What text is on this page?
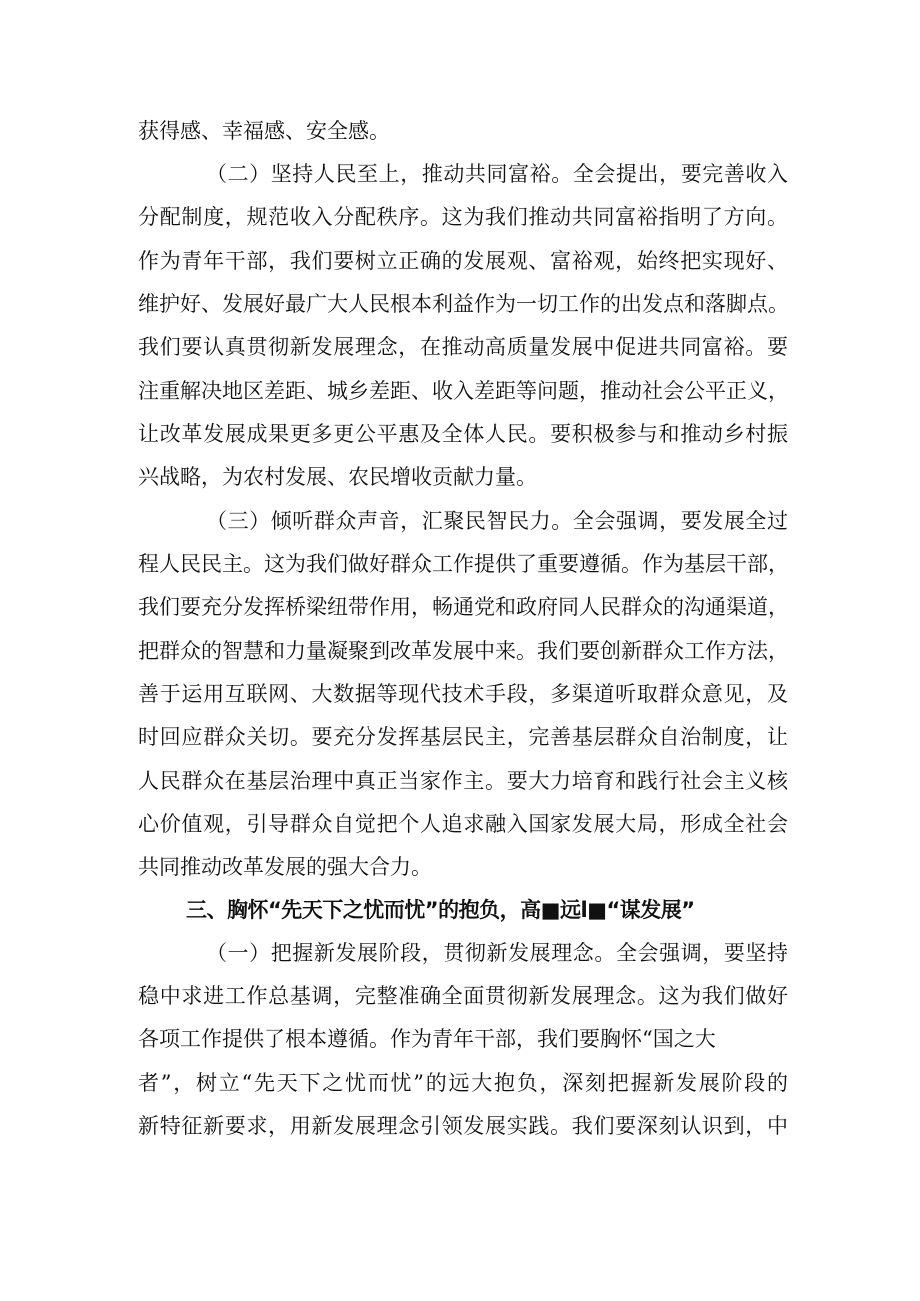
获得感、幸福感、安全感。
（二）坚持人民至上，推动共同富裕。全会提出，要完善收入
分配制度，规范收入分配秩序。这为我们推动共同富裕指明了方向。
作为青年干部，我们要树立正确的发展观、富裕观，始终把实现好、
维护好、发展好最广大人民根本利益作为一切工作的出发点和落脚点。
我们要认真贯彻新发展理念，在推动高质量发展中促进共同富裕。要
注重解决地区差距、城乡差距、收入差距等问题，推动社会公平正义，
让改革发展成果更多更公平惠及全体人民。要积极参与和推动乡村振
兴战略，为农村发展、农民增收贡献力量。
（三）倾听群众声音，汇聚民智民力。全会强调，要发展全过
程人民民主。这为我们做好群众工作提供了重要遵循。作为基层干部，
我们要充分发挥桥梁纽带作用，畅通党和政府同人民群众的沟通渠道，
把群众的智慧和力量凝聚到改革发展中来。我们要创新群众工作方法，
善于运用互联网、大数据等现代技术手段，多渠道听取群众意见，及
时回应群众关切。要充分发挥基层民主，完善基层群众自治制度，让
人民群众在基层治理中真正当家作主。要大力培育和践行社会主义核
心价值观，引导群众自觉把个人追求融入国家发展大局，形成全社会
共同推动改革发展的强大合力。
三、胸怀“先天下之忧而忧”的抱负，高■远l■“谋发展”
（一）把握新发展阶段，贯彻新发展理念。全会强调，要坚持
稳中求进工作总基调，完整准确全面贯彻新发展理念。这为我们做好
各项工作提供了根本遵循。作为青年干部，我们要胸怀“国之大
者”，树立“先天下之忧而忧”的远大抱负，深刻把握新发展阶段的
新特征新要求，用新发展理念引领发展实践。我们要深刻认识到，中
